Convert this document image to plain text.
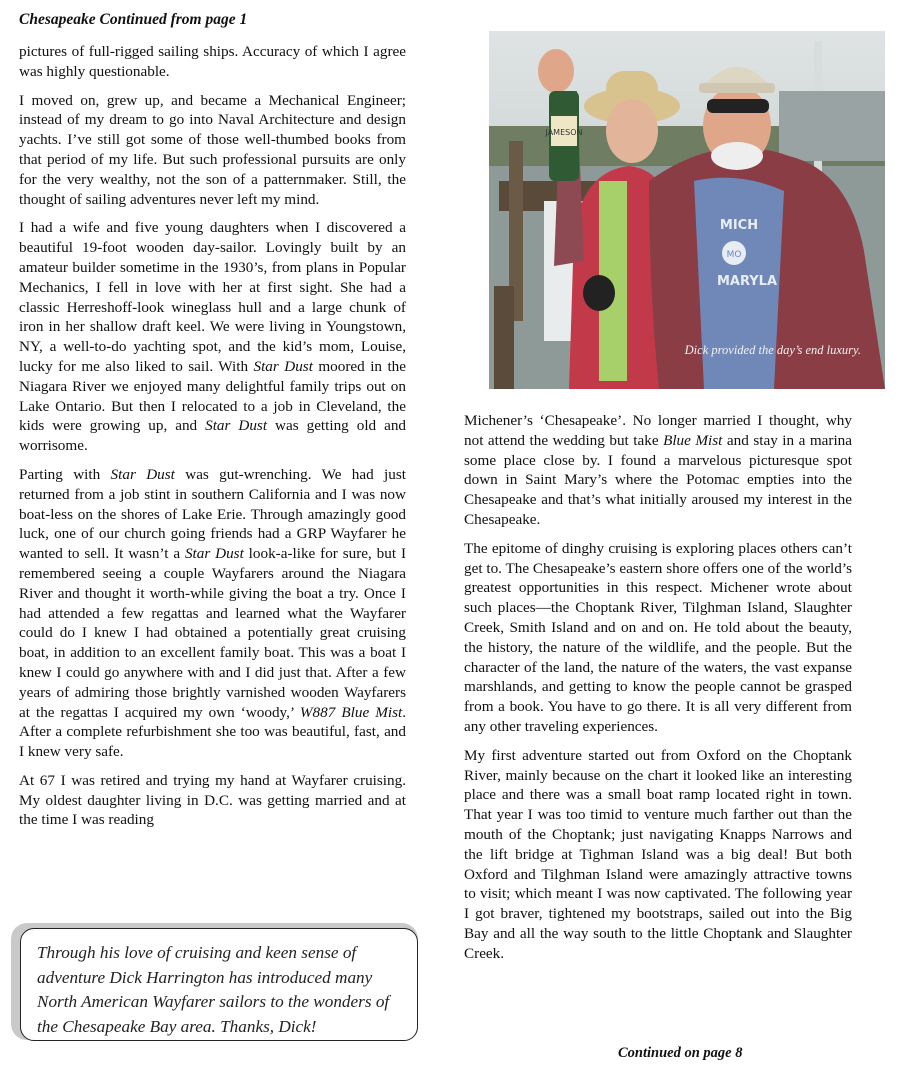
Chesapeake Continued from page 1

pictures of full-rigged sailing ships. Accuracy of which I agree was highly questionable.

I moved on, grew up, and became a Mechanical Engineer; instead of my dream to go into Naval Architecture and design yachts. I’ve still got some of those well-thumbed books from that period of my life. But such professional pursuits are only for the very wealthy, not the son of a patternmaker. Still, the thought of sailing adventures never left my mind.

I had a wife and five young daughters when I discovered a beautiful 19-foot wooden day-sailor. Lovingly built by an amateur builder sometime in the 1930’s, from plans in Popular Mechanics, I fell in love with her at first sight. She had a classic Herreshoff-look wineglass hull and a large chunk of iron in her shallow draft keel. We were living in Youngstown, NY, a well-to-do yachting spot, and the kid’s mom, Louise, lucky for me also liked to sail. With Star Dust moored in the Niagara River we enjoyed many delightful family trips out on Lake Ontario. But then I relocated to a job in Cleveland, the kids were growing up, and Star Dust was getting old and worrisome.

Parting with Star Dust was gut-wrenching. We had just returned from a job stint in southern California and I was now boat-less on the shores of Lake Erie. Through amazingly good luck, one of our church going friends had a GRP Wayfarer he wanted to sell. It wasn’t a Star Dust look-a-like for sure, but I remembered seeing a couple Wayfarers around the Niagara River and thought it worth-while giving the boat a try. Once I had attended a few regattas and learned what the Wayfarer could do I knew I had obtained a potentially great cruising boat, in addition to an excellent family boat. This was a boat I knew I could go anywhere with and I did just that. After a few years of admiring those brightly varnished wooden Wayfarers at the regattas I acquired my own ‘woody,’ W887 Blue Mist. After a complete refurbishment she too was beautiful, fast, and I knew very safe.

At 67 I was retired and trying my hand at Wayfarer cruising. My oldest daughter living in D.C. was getting married and at the time I was reading

JAMESON
MICH
MO
MARYLA
Dick provided the day’s end luxury.

Michener’s ‘Chesapeake’. No longer married I thought, why not attend the wedding but take Blue Mist and stay in a marina some place close by. I found a marvelous picturesque spot down in Saint Mary’s where the Potomac empties into the Chesapeake and that’s what initially aroused my interest in the Chesapeake.

The epitome of dinghy cruising is exploring places others can’t get to. The Chesapeake’s eastern shore offers one of the world’s greatest opportunities in this respect. Michener wrote about such places—the Choptank River, Tilghman Island, Slaughter Creek, Smith Island and on and on. He told about the beauty, the history, the nature of the wildlife, and the people. But the character of the land, the nature of the waters, the vast expanse marshlands, and getting to know the people cannot be grasped from a book. You have to go there. It is all very different from any other traveling experiences.

My first adventure started out from Oxford on the Choptank River, mainly because on the chart it looked like an interesting place and there was a small boat ramp located right in town. That year I was too timid to venture much farther out than the mouth of the Choptank; just navigating Knapps Narrows and the lift bridge at Tighman Island was a big deal! But both Oxford and Tilghman Island were amazingly attractive towns to visit; which meant I was now captivated. The following year I got braver, tightened my bootstraps, sailed out into the Big Bay and all the way south to the little Choptank and Slaughter Creek.

Through his love of cruising and keen sense of adventure Dick Harrington has introduced many North American Wayfarer sailors to the wonders of the Chesapeake Bay area. Thanks, Dick!

Continued on page 8
